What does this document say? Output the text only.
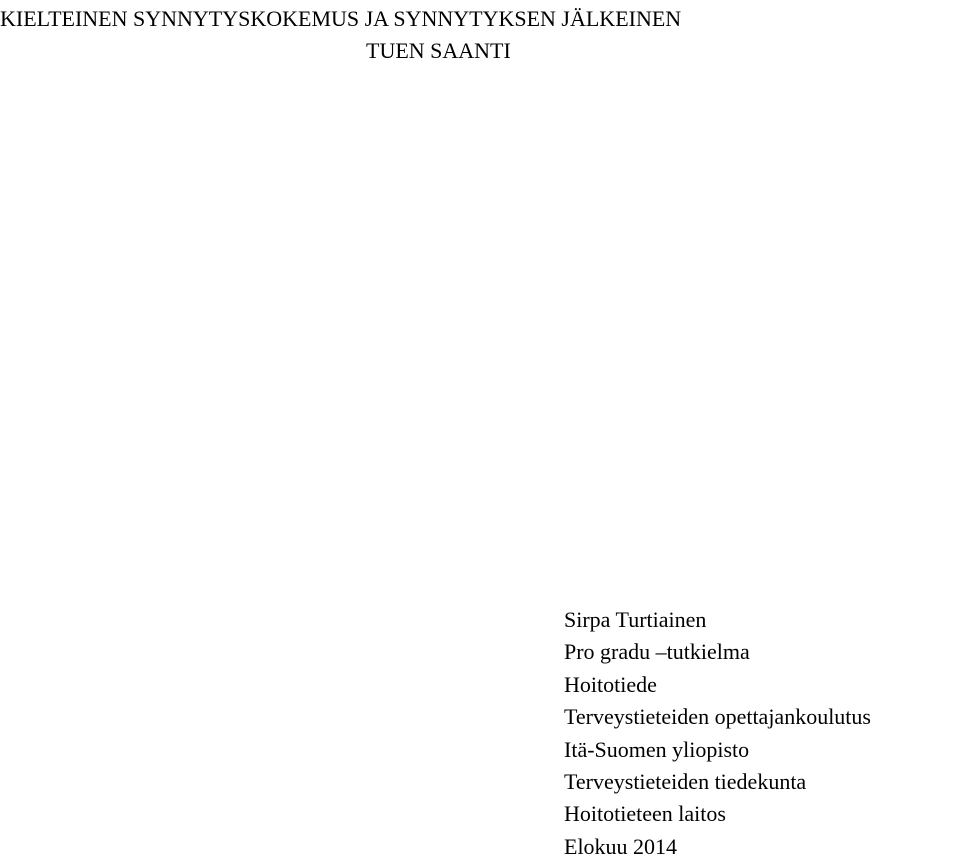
KIELTEINEN SYNNYTYSKOKEMUS JA SYNNYTYKSEN JÄLKEINEN
TUEN SAANTI
Sirpa Turtiainen
Pro gradu –tutkielma
Hoitotiede
Terveystieteiden opettajankoulutus
Itä-Suomen yliopisto
Terveystieteiden tiedekunta
Hoitotieteen laitos
Elokuu 2014
